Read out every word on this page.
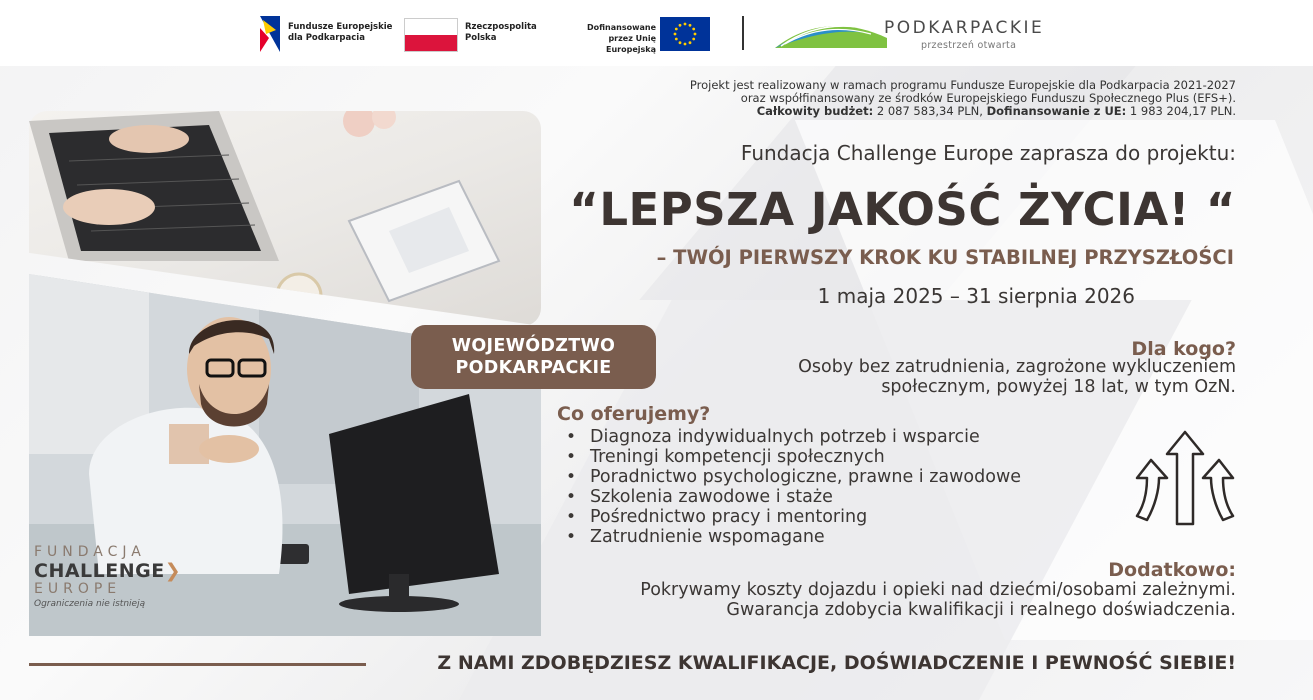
Fundusze Europejskie dla Podkarpacia
Rzeczpospolita Polska
Dofinansowane przez Unię Europejską
PODKARPACKIE
przestrzeń otwarta
WOJEWÓDZTWO
PODKARPACKIE
FUNDACJA
CHALLENGE❯
EUROPE
Ograniczenia nie istnieją
Projekt jest realizowany w ramach programu Fundusze Europejskie dla Podkarpacia 2021-2027
oraz współfinansowany ze środków Europejskiego Funduszu Społecznego Plus (EFS+).
Całkowity budżet: 2 087 583,34 PLN, Dofinansowanie z UE: 1 983 204,17 PLN.
Fundacja Challenge Europe zaprasza do projektu:
“LEPSZA JAKOŚĆ ŻYCIA! “
– TWÓJ PIERWSZY KROK KU STABILNEJ PRZYSZŁOŚCI
1 maja 2025 – 31 sierpnia 2026
Dla kogo?
Osoby bez zatrudnienia, zagrożone wykluczeniem społecznym, powyżej 18 lat, w tym OzN.
Co oferujemy?
• Diagnoza indywidualnych potrzeb i wsparcie
• Treningi kompetencji społecznych
• Poradnictwo psychologiczne, prawne i zawodowe
• Szkolenia zawodowe i staże
• Pośrednictwo pracy i mentoring
• Zatrudnienie wspomagane
Dodatkowo:
Pokrywamy koszty dojazdu i opieki nad dziećmi/osobami zależnymi.
Gwarancja zdobycia kwalifikacji i realnego doświadczenia.
Z NAMI ZDOBĘDZIESZ KWALIFIKACJE, DOŚWIADCZENIE I PEWNOŚĆ SIEBIE!
